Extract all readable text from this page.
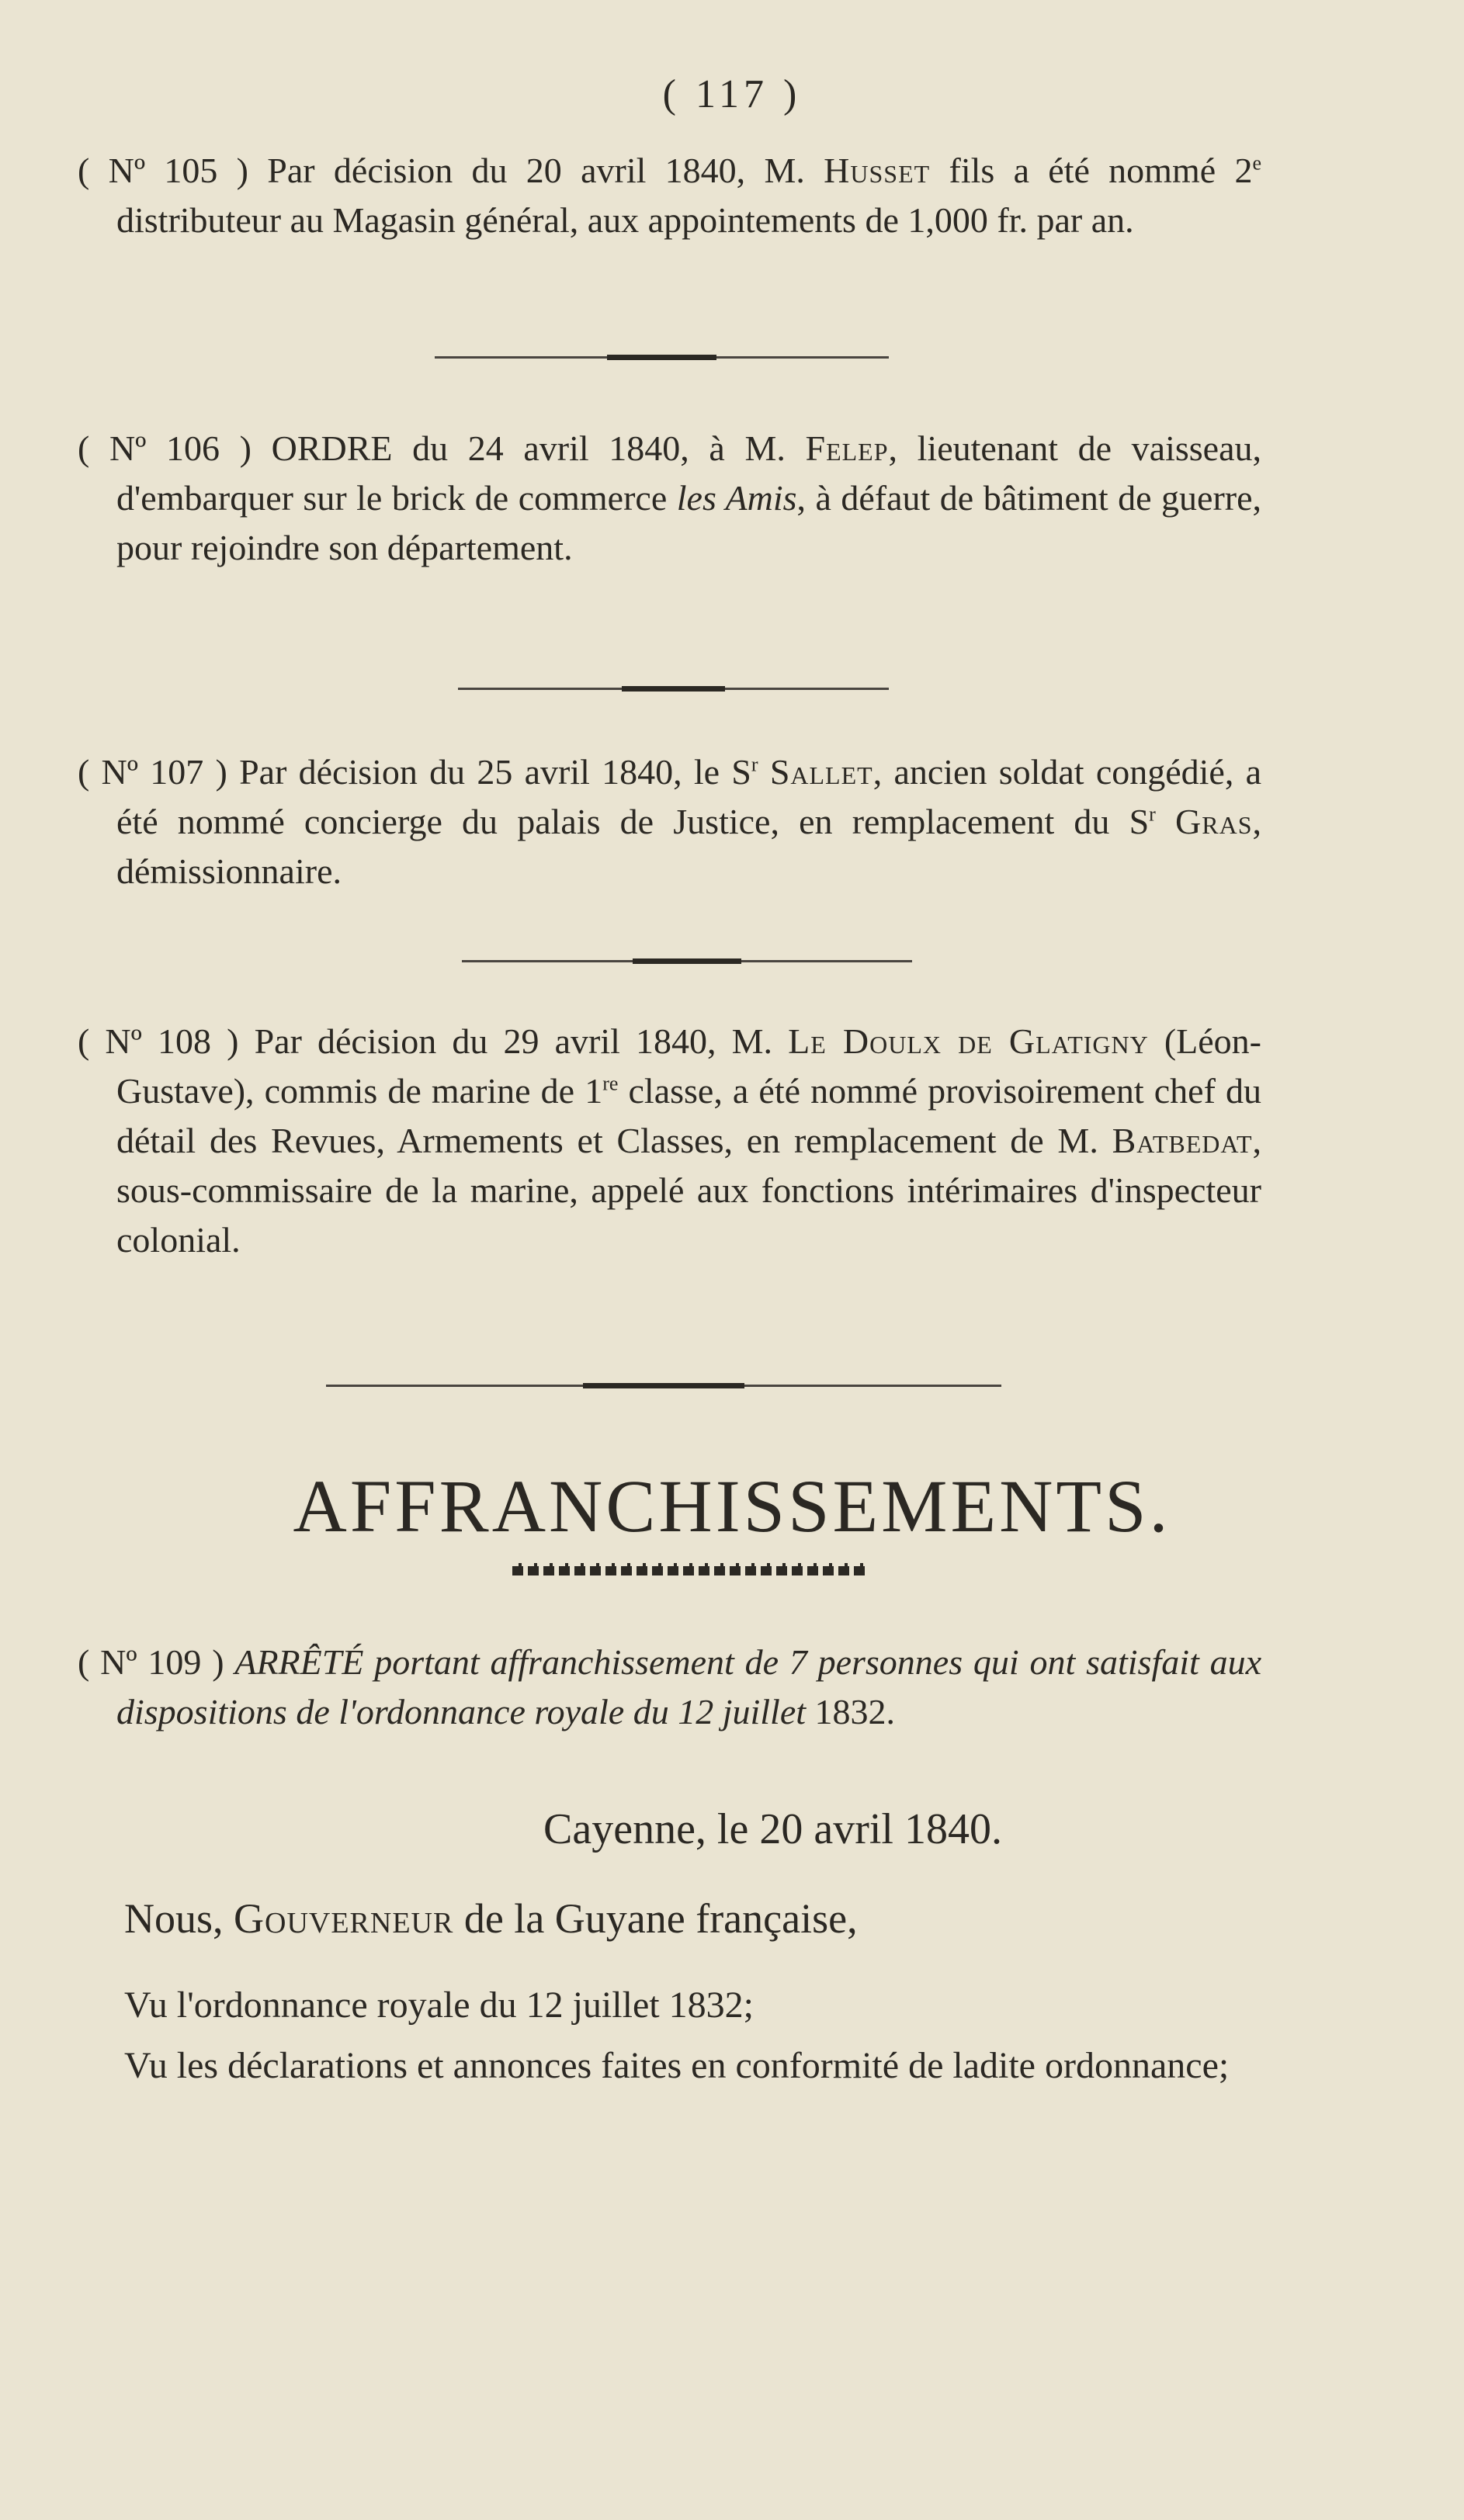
( 117 )
( Nº 105 ) Par décision du 20 avril 1840, M. Husset fils a été nommé 2e distributeur au Magasin général, aux appointements de 1,000 fr. par an.
( Nº 106 ) ORDRE du 24 avril 1840, à M. Felep, lieutenant de vaisseau, d'embarquer sur le brick de commerce les Amis, à défaut de bâtiment de guerre, pour rejoindre son département.
( Nº 107 ) Par décision du 25 avril 1840, le $S^r$ Sallet, ancien soldat congédié, a été nommé concierge du palais de Justice, en remplacement du $S^r$ Gras, démissionnaire.
( Nº 108 ) Par décision du 29 avril 1840, M. Le Doulx de Glatigny (Léon-Gustave), commis de marine de 1re classe, a été nommé provisoirement chef du détail des Revues, Armements et Classes, en remplacement de M. Batbedat, sous-commissaire de la marine, appelé aux fonctions intérimaires d'inspecteur colonial.
AFFRANCHISSEMENTS.
( Nº 109 ) ARRÊTÉ portant affranchissement de 7 personnes qui ont satisfait aux dispositions de l'ordonnance royale du 12 juillet 1832.
Cayenne, le 20 avril 1840.
Nous, Gouverneur de la Guyane française,
Vu l'ordonnance royale du 12 juillet 1832;
Vu les déclarations et annonces faites en conformité de ladite ordonnance;
